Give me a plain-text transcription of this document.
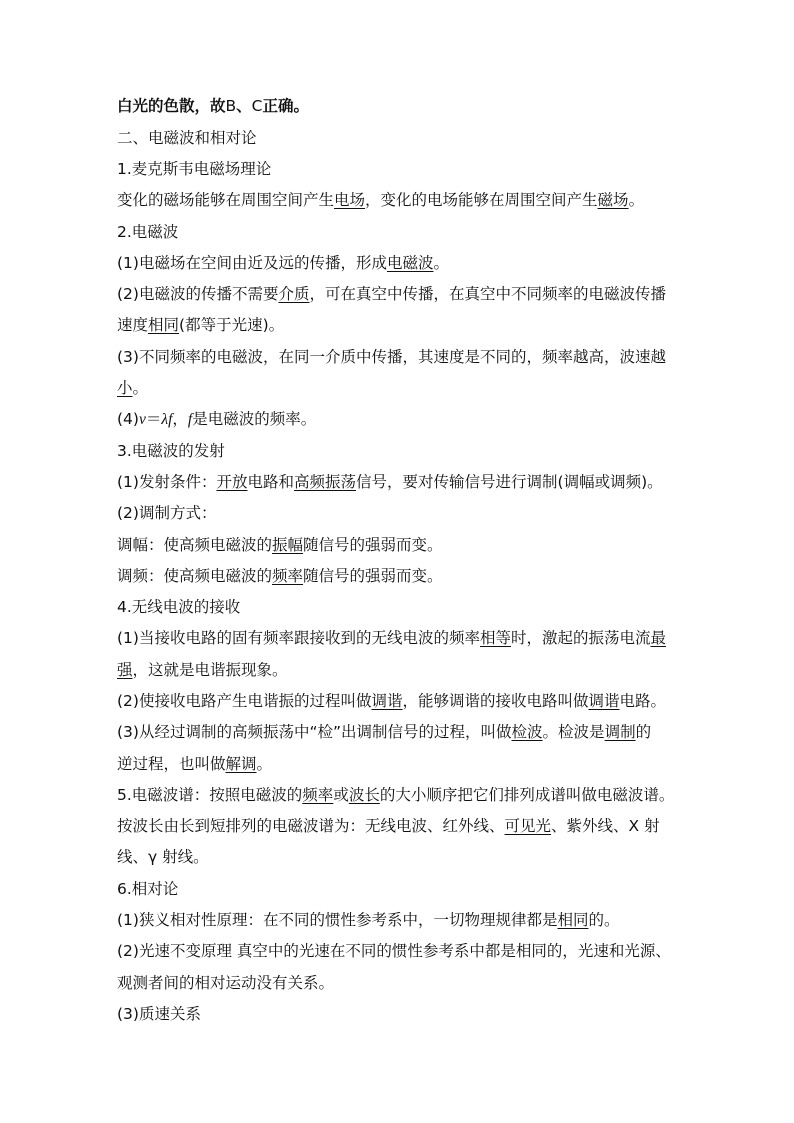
白光的色散，故B、C正确。

二、电磁波和相对论

1.麦克斯韦电磁场理论

变化的磁场能够在周围空间产生电场，变化的电场能够在周围空间产生磁场。

2.电磁波

(1)电磁场在空间由近及远的传播，形成电磁波。

(2)电磁波的传播不需要介质，可在真空中传播，在真空中不同频率的电磁波传播

速度相同(都等于光速)。

(3)不同频率的电磁波，在同一介质中传播，其速度是不同的，频率越高，波速越

小。

(4)v＝λf，f是电磁波的频率。

3.电磁波的发射

(1)发射条件：开放电路和高频振荡信号，要对传输信号进行调制(调幅或调频)。

(2)调制方式：

调幅：使高频电磁波的振幅随信号的强弱而变。

调频：使高频电磁波的频率随信号的强弱而变。

4.无线电波的接收

(1)当接收电路的固有频率跟接收到的无线电波的频率相等时，激起的振荡电流最

强，这就是电谐振现象。

(2)使接收电路产生电谐振的过程叫做调谐，能够调谐的接收电路叫做调谐电路。

(3)从经过调制的高频振荡中“检”出调制信号的过程，叫做检波。检波是调制的

逆过程，也叫做解调。

5.电磁波谱：按照电磁波的频率或波长的大小顺序把它们排列成谱叫做电磁波谱。

按波长由长到短排列的电磁波谱为：无线电波、红外线、可见光、紫外线、X 射

线、γ 射线。

6.相对论

(1)狭义相对性原理：在不同的惯性参考系中，一切物理规律都是相同的。

(2)光速不变原理 真空中的光速在不同的惯性参考系中都是相同的，光速和光源、

观测者间的相对运动没有关系。

(3)质速关系
